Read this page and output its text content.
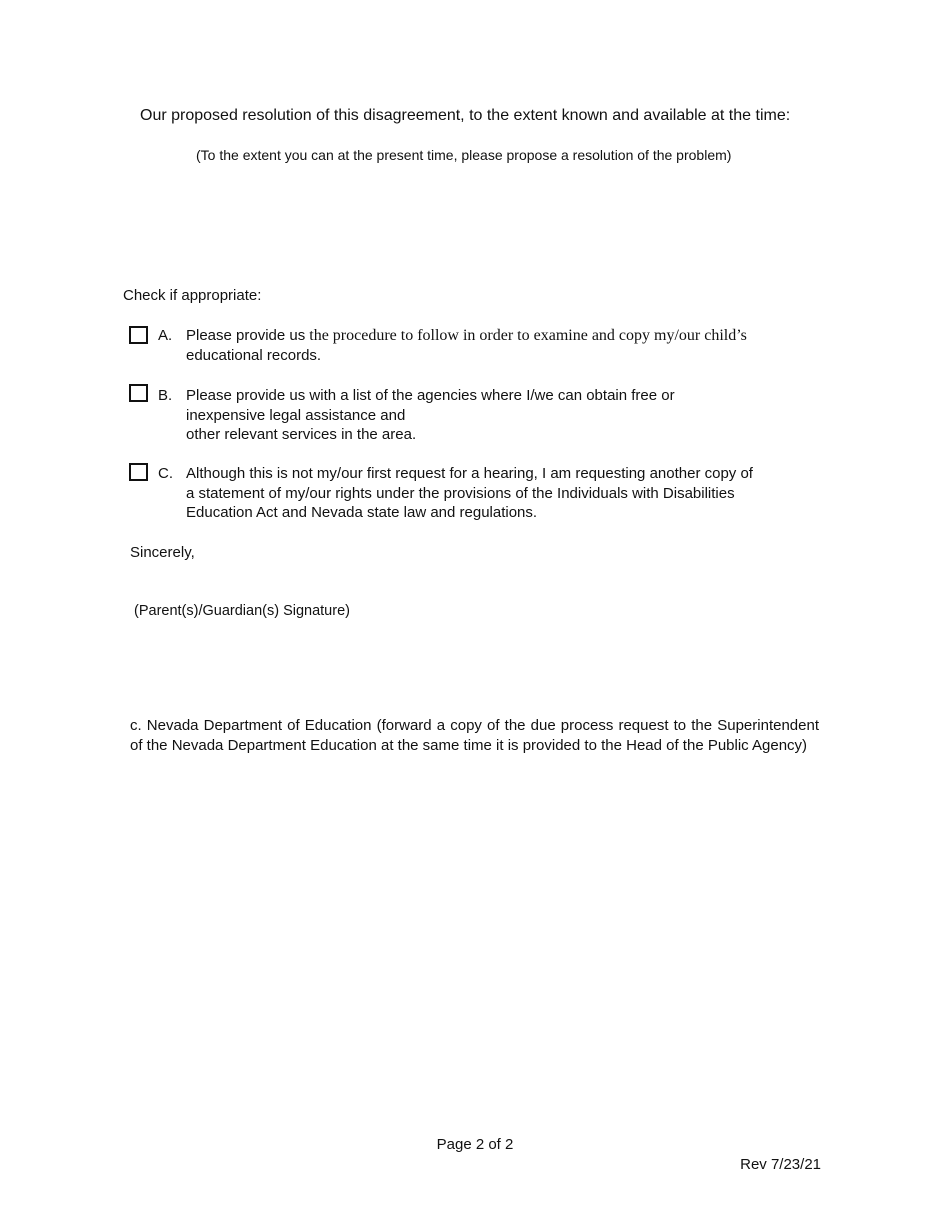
Our proposed resolution of this disagreement, to the extent known and available at the time:

(To the extent you can at the present time, please propose a resolution of the problem)

Check if appropriate:

A. Please provide us the procedure to follow in order to examine and copy my/our child’s
educational records.
B. Please provide us with a list of the agencies where I/we can obtain free or
inexpensive legal assistance and
other relevant services in the area.
C. Although this is not my/our first request for a hearing, I am requesting another copy of
a statement of my/our rights under the provisions of the Individuals with Disabilities
Education Act and Nevada state law and regulations.

Sincerely,

(Parent(s)/Guardian(s) Signature)

c. Nevada Department of Education (forward a copy of the due process request to the Superintendent of the Nevada Department Education at the same time it is provided to the Head of the Public Agency)

Page 2 of 2

Rev 7/23/21
